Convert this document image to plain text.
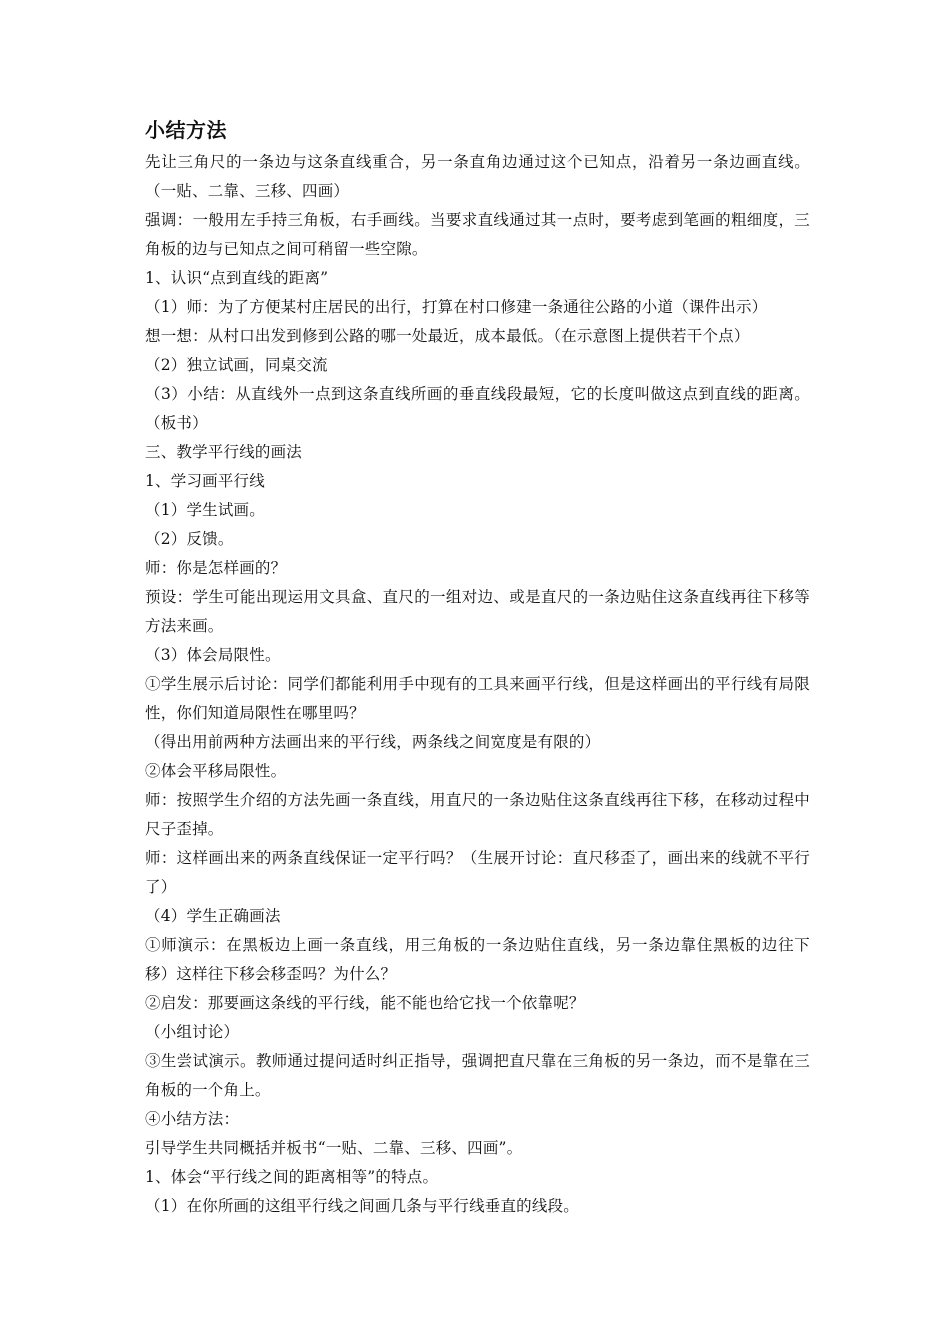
小结方法

先让三角尺的一条边与这条直线重合，另一条直角边通过这个已知点，沿着另一条边画直线。（一贴、二靠、三移、四画）

强调：一般用左手持三角板，右手画线。当要求直线通过其一点时，要考虑到笔画的粗细度，三角板的边与已知点之间可稍留一些空隙。

1、认识“点到直线的距离”

（1）师：为了方便某村庄居民的出行，打算在村口修建一条通往公路的小道（课件出示）

想一想：从村口出发到修到公路的哪一处最近，成本最低。（在示意图上提供若干个点）

（2）独立试画，同桌交流

（3）小结：从直线外一点到这条直线所画的垂直线段最短，它的长度叫做这点到直线的距离。（板书）

三、教学平行线的画法

1、学习画平行线

（1）学生试画。

（2）反馈。

师：你是怎样画的？

预设：学生可能出现运用文具盒、直尺的一组对边、或是直尺的一条边贴住这条直线再往下移等方法来画。

（3）体会局限性。

①学生展示后讨论：同学们都能利用手中现有的工具来画平行线，但是这样画出的平行线有局限性，你们知道局限性在哪里吗？

（得出用前两种方法画出来的平行线，两条线之间宽度是有限的）

②体会平移局限性。

师：按照学生介绍的方法先画一条直线，用直尺的一条边贴住这条直线再往下移，在移动过程中尺子歪掉。

师：这样画出来的两条直线保证一定平行吗？（生展开讨论：直尺移歪了，画出来的线就不平行了）

（4）学生正确画法

①师演示：在黑板边上画一条直线，用三角板的一条边贴住直线，另一条边靠住黑板的边往下移）这样往下移会移歪吗？为什么？

②启发：那要画这条线的平行线，能不能也给它找一个依靠呢？

（小组讨论）

③生尝试演示。教师通过提问适时纠正指导，强调把直尺靠在三角板的另一条边，而不是靠在三角板的一个角上。

④小结方法：

引导学生共同概括并板书“一贴、二靠、三移、四画”。

1、体会“平行线之间的距离相等”的特点。

（1）在你所画的这组平行线之间画几条与平行线垂直的线段。
